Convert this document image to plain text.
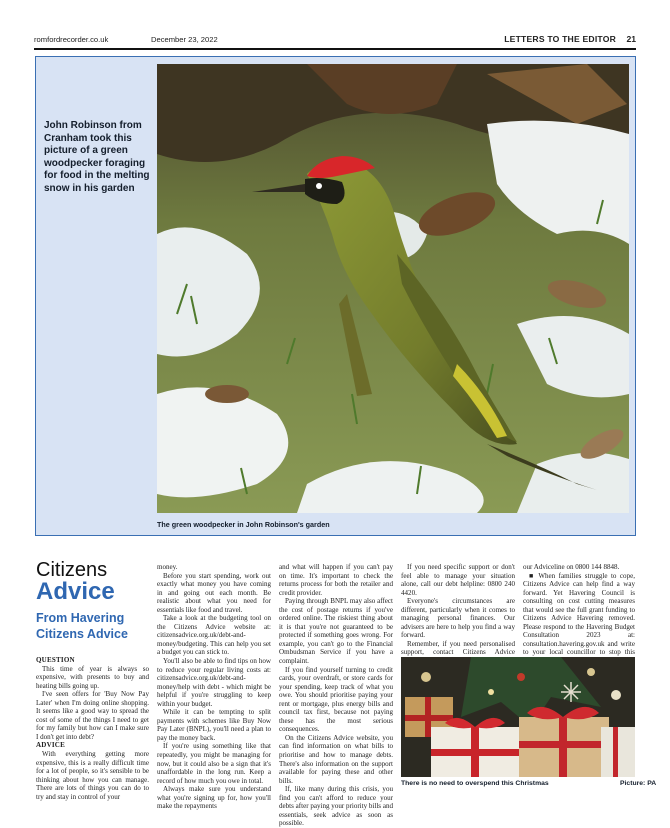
romfordrecorder.co.uk	December 23, 2022	LETTERS TO THE EDITOR 21
John Robinson from Cranham took this picture of a green woodpecker foraging for food in the melting snow in his garden
The green woodpecker in John Robinson's garden
Citizens
Advice
From Havering Citizens Advice

QUESTION

This time of year is always so expensive, with presents to buy and heating bills going up.

I've seen offers for 'Buy Now Pay Later' when I'm doing online shopping. It seems like a good way to spread the cost of some of the things I need to get for my family but how can I make sure I don't get into debt?

ADVICE

With everything getting more expensive, this is a really difficult time for a lot of people, so it's sensible to be thinking about how you can manage. There are lots of things you can do to try and stay in control of your

money.

Before you start spending, work out exactly what money you have coming in and going out each month. Be realistic about what you need for essentials like food and travel.

Take a look at the budgeting tool on the Citizens Advice website at: citizensadvice.org.uk/debt-and-money/budgeting. This can help you set a budget you can stick to.

You'll also be able to find tips on how to reduce your regular living costs at: citizensadvice.org.uk/debt-and-money/help with debt - which might be helpful if you're struggling to keep within your budget.

While it can be tempting to split payments with schemes like Buy Now Pay Later (BNPL), you'll need a plan to pay the money back.

If you're using something like that repeatedly, you might be managing for now, but it could also be a sign that it's unaffordable in the long run. Keep a record of how much you owe in total.

Always make sure you understand what you're signing up for, how you'll make the repayments

and what will happen if you can't pay on time. It's important to check the returns process for both the retailer and credit provider.

Paying through BNPL may also affect the cost of postage returns if you've ordered online. The riskiest thing about it is that you're not guaranteed to be protected if something goes wrong. For example, you can't go to the Financial Ombudsman Service if you have a complaint.

If you find yourself turning to credit cards, your overdraft, or store cards for your spending, keep track of what you owe. You should prioritise paying your rent or mortgage, plus energy bills and council tax first, because not paying these has the most serious consequences.

On the Citizens Advice website, you can find information on what bills to prioritise and how to manage debts. There's also information on the support available for paying these and other bills.

If, like many during this crisis, you find you can't afford to reduce your debts after paying your priority bills and essentials, seek advice as soon as possible.

If you need specific support or don't feel able to manage your situation alone, call our debt helpline: 0800 240 4420.

Everyone's circumstances are different, particularly when it comes to managing personal finances. Our advisers are here to help you find a way forward.

Remember, if you need personalised support, contact Citizens Advice

our Adviceline on 0800 144 8848.

■ When families struggle to cope, Citizens Advice can help find a way forward. Yet Havering Council is consulting on cost cutting measures that would see the full grant funding to Citizens Advice Havering removed. Please respond to the Havering Budget Consultation 2023 at: consultation.havering.gov.uk and write to your local councillor to stop this

There is no need to overspend this Christmas	Picture: PA
